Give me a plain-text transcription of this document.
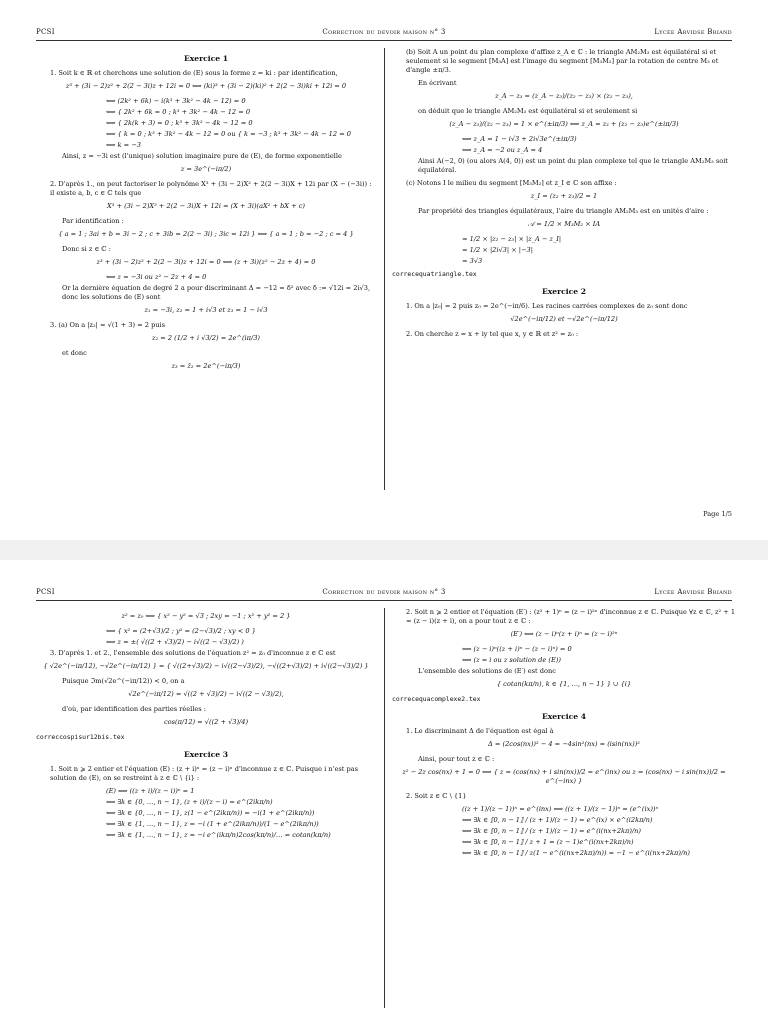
PCSI	Correction du devoir maison n° 3	Lycée Arvidse Briand
Exercice 1
1. Soit k ∈ ℝ et cherchons une solution de (E) sous la forme z = ki : par identification,
z³ + (3i − 2)z² + 2(2 − 3i)z + 12i = 0 ⟺ (ki)³ + (3i − 2)(ki)² + 2(2 − 3i)ki + 12i = 0
⟺ (2k² + 6k) − i(k³ + 3k² − 4k − 12) = 0
⟺ { 2k² + 6k = 0 ; k³ + 3k² − 4k − 12 = 0
⟺ { 2k(k + 3) = 0 ; k³ + 3k² − 4k − 12 = 0
⟺ { k = 0 ; k³ + 3k² − 4k − 12 = 0 ou { k = −3 ; k³ + 3k² − 4k − 12 = 0
⟺ k = −3
Ainsi, z = −3i est (l'unique) solution imaginaire pure de (E), de forme exponentielle
z = 3e^(−iπ/2)
2. D'après 1., on peut factoriser le polynôme X³ + (3i − 2)X² + 2(2 − 3i)X + 12i par (X − (−3i)) : il existe a, b, c ∈ ℂ tels que
X³ + (3i − 2)X² + 2(2 − 3i)X + 12i = (X + 3i)(aX² + bX + c)
Par identification :
{ a = 1 ; 3ai + b = 3i − 2 ; c + 3ib = 2(2 − 3i) ; 3ic = 12i } ⟺ { a = 1 ; b = −2 ; c = 4 }
Donc si z ∈ ℂ :
z³ + (3i − 2)z² + 2(2 − 3i)z + 12i = 0 ⟺ (z + 3i)(z² − 2z + 4) = 0
⟺ z = −3i ou z² − 2z + 4 = 0
Or la dernière équation de degré 2 a pour discriminant Δ = −12 = δ² avec δ := √12i = 2i√3, donc les solutions de (E) sont
z₁ = −3i, z₂ = 1 + i√3 et z₃ = 1 − i√3
3. (a) On a |z₂| = √(1 + 3) = 2 puis
z₂ = 2 (1/2 + i √3/2) = 2e^(iπ/3)
et donc
z₃ = z̄₂ = 2e^(−iπ/3)
(b) Soit A un point du plan complexe d'affixe z_A ∈ ℂ : le triangle AM₂M₃ est équilatéral si et seulement si le segment [M₃A] est l'image du segment [M₃M₂] par la rotation de centre M₃ et d'angle ±π/3.
En écrivant
z_A − z₃ = (z_A − z₃)/(z₂ − z₃) × (z₂ − z₃),
on déduit que le triangle AM₂M₃ est équilatéral si et seulement si
(z_A − z₃)/(z₂ − z₃) = 1 × e^(±iπ/3) ⟺ z_A = z₃ + (z₂ − z₃)e^(±iπ/3)
⟺ z_A = 1 − i√3 + 2i√3e^(±iπ/3)
⟺ z_A = −2 ou z_A = 4
Ainsi A(−2, 0) (ou alors A(4, 0)) est un point du plan complexe tel que le triangle AM₂M₃ soit équilatéral.
(c) Notons I le milieu du segment [M₃M₂] et z_I ∈ ℂ son affixe :
z_I = (z₂ + z₃)/2 = 1
Par propriété des triangles équilatéraux, l'aire du triangle AM₂M₃ est en unités d'aire :
𝒜 = 1/2 × M₃M₂ × IA
= 1/2 × |z₂ − z₃| × |z_A − z_I|
= 1/2 × |2i√3| × |−3|
= 3√3
correcequatriangle.tex
Exercice 2
1. On a |z₀| = 2 puis z₀ = 2e^(−iπ/6). Les racines carrées complexes de z₀ sont donc
√2e^(−iπ/12) et −√2e^(−iπ/12)
2. On cherche z = x + iy tel que x, y ∈ ℝ et z² = z₀ :
Page 1/5
PCSI	Correction du devoir maison n° 3	Lycée Arvidse Briand
z² = z₀ ⟺ { x² − y² = √3 ; 2xy = −1 ; x² + y² = 2 }
⟺ { x² = (2+√3)/2 ; y² = (2−√3)/2 ; xy < 0 }
⟺ z = ±( √((2 + √3)/2) − i√((2 − √3)/2) )
3. D'après 1. et 2., l'ensemble des solutions de l'équation z² = z₀ d'inconnue z ∈ ℂ est
{ √2e^(−iπ/12), −√2e^(−iπ/12) } = { √((2+√3)/2) − i√((2−√3)/2), −√((2+√3)/2) + i√((2−√3)/2) }
Puisque ℑm(√2e^(−iπ/12)) < 0, on a
√2e^(−iπ/12) = √((2 + √3)/2) − i√((2 − √3)/2),
d'où, par identification des parties réelles :
cos(π/12) = √((2 + √3)/4)
correccospisur12bis.tex
Exercice 3
1. Soit n ⩾ 2 entier et l'équation (E) : (z + i)ⁿ = (z − i)ⁿ d'inconnue z ∈ ℂ. Puisque i n'est pas solution de (E), on se restreint à z ∈ ℂ \ {i} :
(E) ⟺ ((z + i)/(z − i))ⁿ = 1
⟺ ∃k ∈ {0, …, n − 1}, (z + i)/(z − i) = e^(2ikπ/n)
⟺ ∃k ∈ {0, …, n − 1}, z(1 − e^(2ikπ/n)) = −i(1 + e^(2ikπ/n))
⟺ ∃k ∈ {1, …, n − 1}, z = −i (1 + e^(2ikπ/n))/(1 − e^(2ikπ/n))
⟺ ∃k ∈ {1, …, n − 1}, z = −i e^(ikπ/n)2cos(kπ/n)/… = cotan(kπ/n)
2. Soit n ⩾ 2 entier et l'équation (E′) : (z² + 1)ⁿ = (z − i)²ⁿ d'inconnue z ∈ ℂ. Puisque ∀z ∈ ℂ, z² + 1 = (z − i)(z + i), on a pour tout z ∈ ℂ :
(E′) ⟺ (z − i)ⁿ(z + i)ⁿ = (z − i)²ⁿ
⟺ (z − i)ⁿ((z + i)ⁿ − (z − i)ⁿ) = 0
⟺ (z = i ou z solution de (E))
L'ensemble des solutions de (E′) est donc
{ cotan(kπ/n), k ∈ {1, …, n − 1} } ∪ {i}
correcequacomplexe2.tex
Exercice 4
1. Le discriminant Δ de l'équation est égal à
Δ = (2cos(nx))² − 4 = −4sin²(nx) = (isin(nx))²
Ainsi, pour tout z ∈ ℂ :
z² − 2z cos(nx) + 1 = 0 ⟺ { z = (cos(nx) + i sin(nx))/2 = e^(inx) ou z = (cos(nx) − i sin(nx))/2 = e^(−inx) }
2. Soit z ∈ ℂ \ {1}
((z + 1)/(z − 1))ⁿ = e^(inx) ⟺ ((z + 1)/(z − 1))ⁿ = (e^(ix))ⁿ
⟺ ∃k ∈ ⟦0, n − 1⟧ / (z + 1)/(z − 1) = e^(ix) × e^(i2kπ/n)
⟺ ∃k ∈ ⟦0, n − 1⟧ / (z + 1)/(z − 1) = e^(i(nx+2kπ)/n)
⟺ ∃k ∈ ⟦0, n − 1⟧ / z + 1 = (z − 1)e^(i(nx+2kπ)/n)
⟺ ∃k ∈ ⟦0, n − 1⟧ / z(1 − e^(i(nx+2kπ)/n)) = −1 − e^(i(nx+2kπ)/n)
